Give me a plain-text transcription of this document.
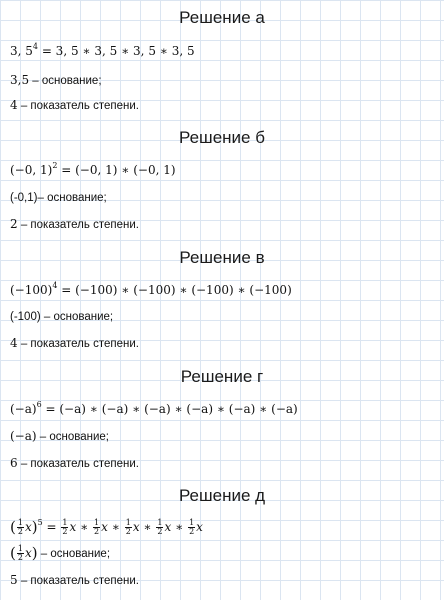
Решение а
3, $5^4 = 3$, 5 ∗ 3, 5 ∗ 3, 5 ∗ 3, 5
3,5 – основание;
4 – показатель степени.
Решение б
(−0, 1)$^2$ = (−0, 1) ∗ (−0, 1)
(-0,1)– основание;
2 – показатель степени.
Решение в
$(-100)^4 = (-100)$ ∗ (−100) ∗ (−100) ∗ (−100)
(-100) – основание;
4 – показатель степени.
Решение г
$(-a)^6 = (-a)$ ∗ (−a) ∗ (−a) ∗ (−a) ∗ (−a) ∗ (−a)
(−a) – основание;
6 – показатель степени.
Решение д
( $\frac{1}{2} x)^5 = \frac{1}{2}$ x ∗ $\frac{1}{2}$ x ∗ $\frac{1}{2}$ x ∗ $\frac{1}{2}$ x ∗ $\frac{1}{2}$ x
( $\frac{1}{2} x$) – основание;
5 – показатель степени.
